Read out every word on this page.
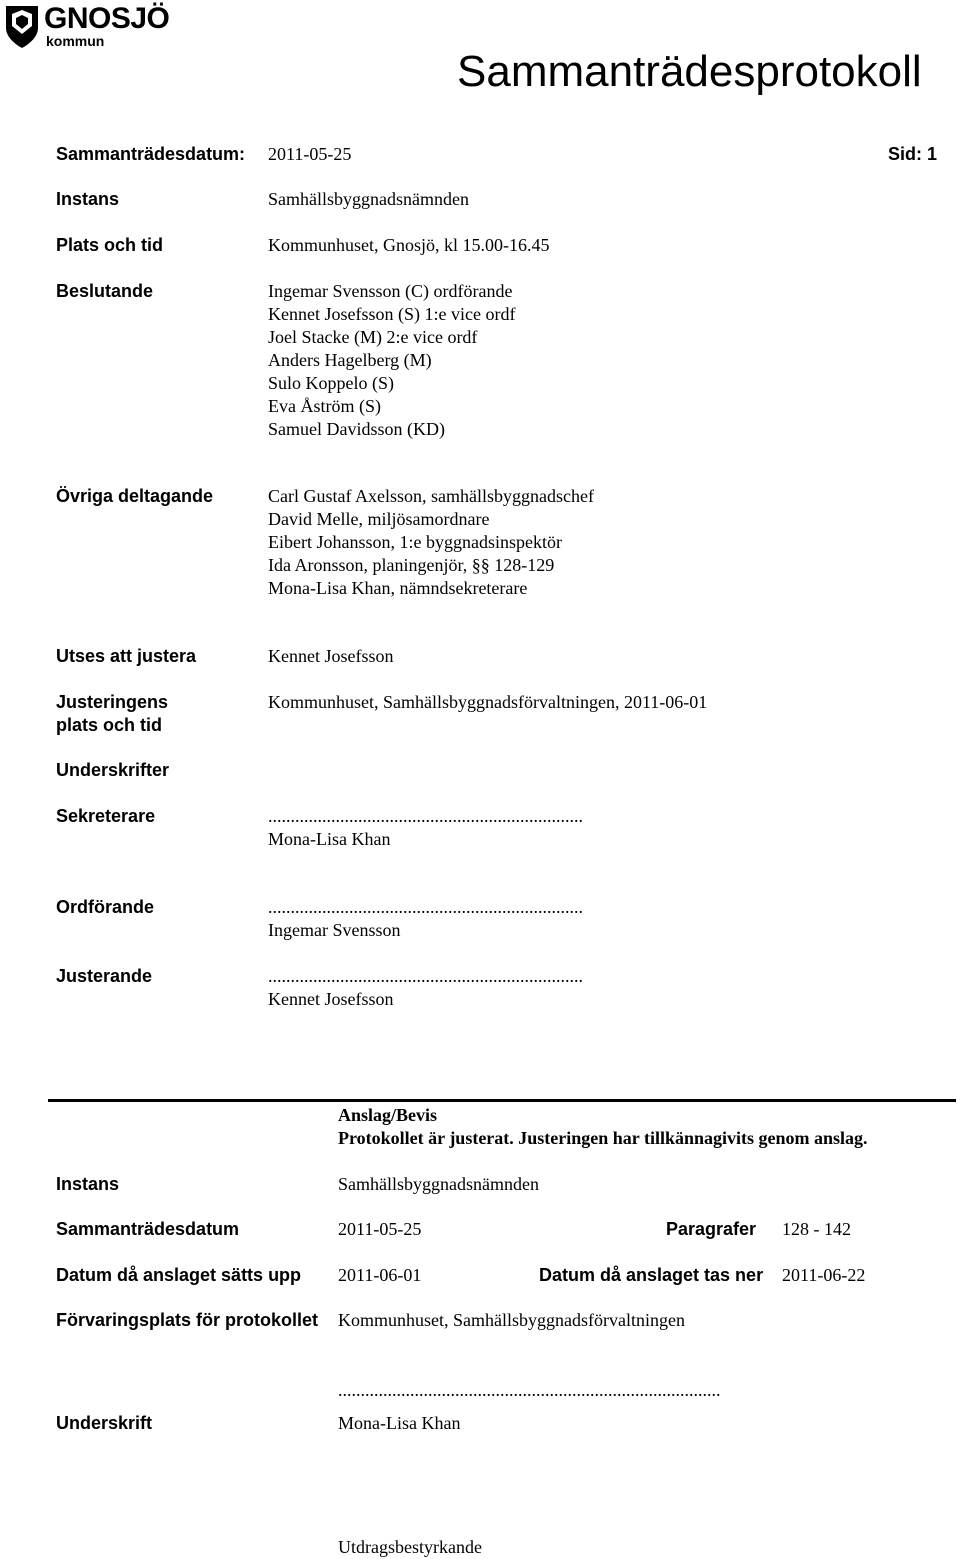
GNOSJÖ
kommun
Sammanträdesprotokoll
Sammanträdesdatum: 2011-05-25	Sid: 1
Instans	Samhällsbyggnadsnämnden
Plats och tid	Kommunhuset, Gnosjö, kl 15.00-16.45
Beslutande	Ingemar Svensson (C) ordförande
Kennet Josefsson (S) 1:e vice ordf
Joel Stacke (M) 2:e vice ordf
Anders Hagelberg (M)
Sulo Koppelo (S)
Eva Åström (S)
Samuel Davidsson (KD)
Övriga deltagande	Carl Gustaf Axelsson, samhällsbyggnadschef
David Melle, miljösamordnare
Eibert Johansson, 1:e byggnadsinspektör
Ida Aronsson, planingenjör, §§ 128-129
Mona-Lisa Khan, nämndsekreterare
Utses att justera	Kennet Josefsson
Justeringens
plats och tid
Kommunhuset, Samhällsbyggnadsförvaltningen, 2011-06-01
Underskrifter
Sekreterare	......................................................................
Mona-Lisa Khan
Ordförande	......................................................................
Ingemar Svensson
Justerande	......................................................................
Kennet Josefsson
Anslag/Bevis
Protokollet är justerat. Justeringen har tillkännagivits genom anslag.
Instans	Samhällsbyggnadsnämnden
Sammanträdesdatum	2011-05-25	Paragrafer 128 - 142
Datum då anslaget sätts upp 2011-06-01	Datum då anslaget tas ner 2011-06-22
Förvaringsplats för protokollet Kommunhuset, Samhällsbyggnadsförvaltningen
.....................................................................................
Underskrift	Mona-Lisa Khan
Utdragsbestyrkande
